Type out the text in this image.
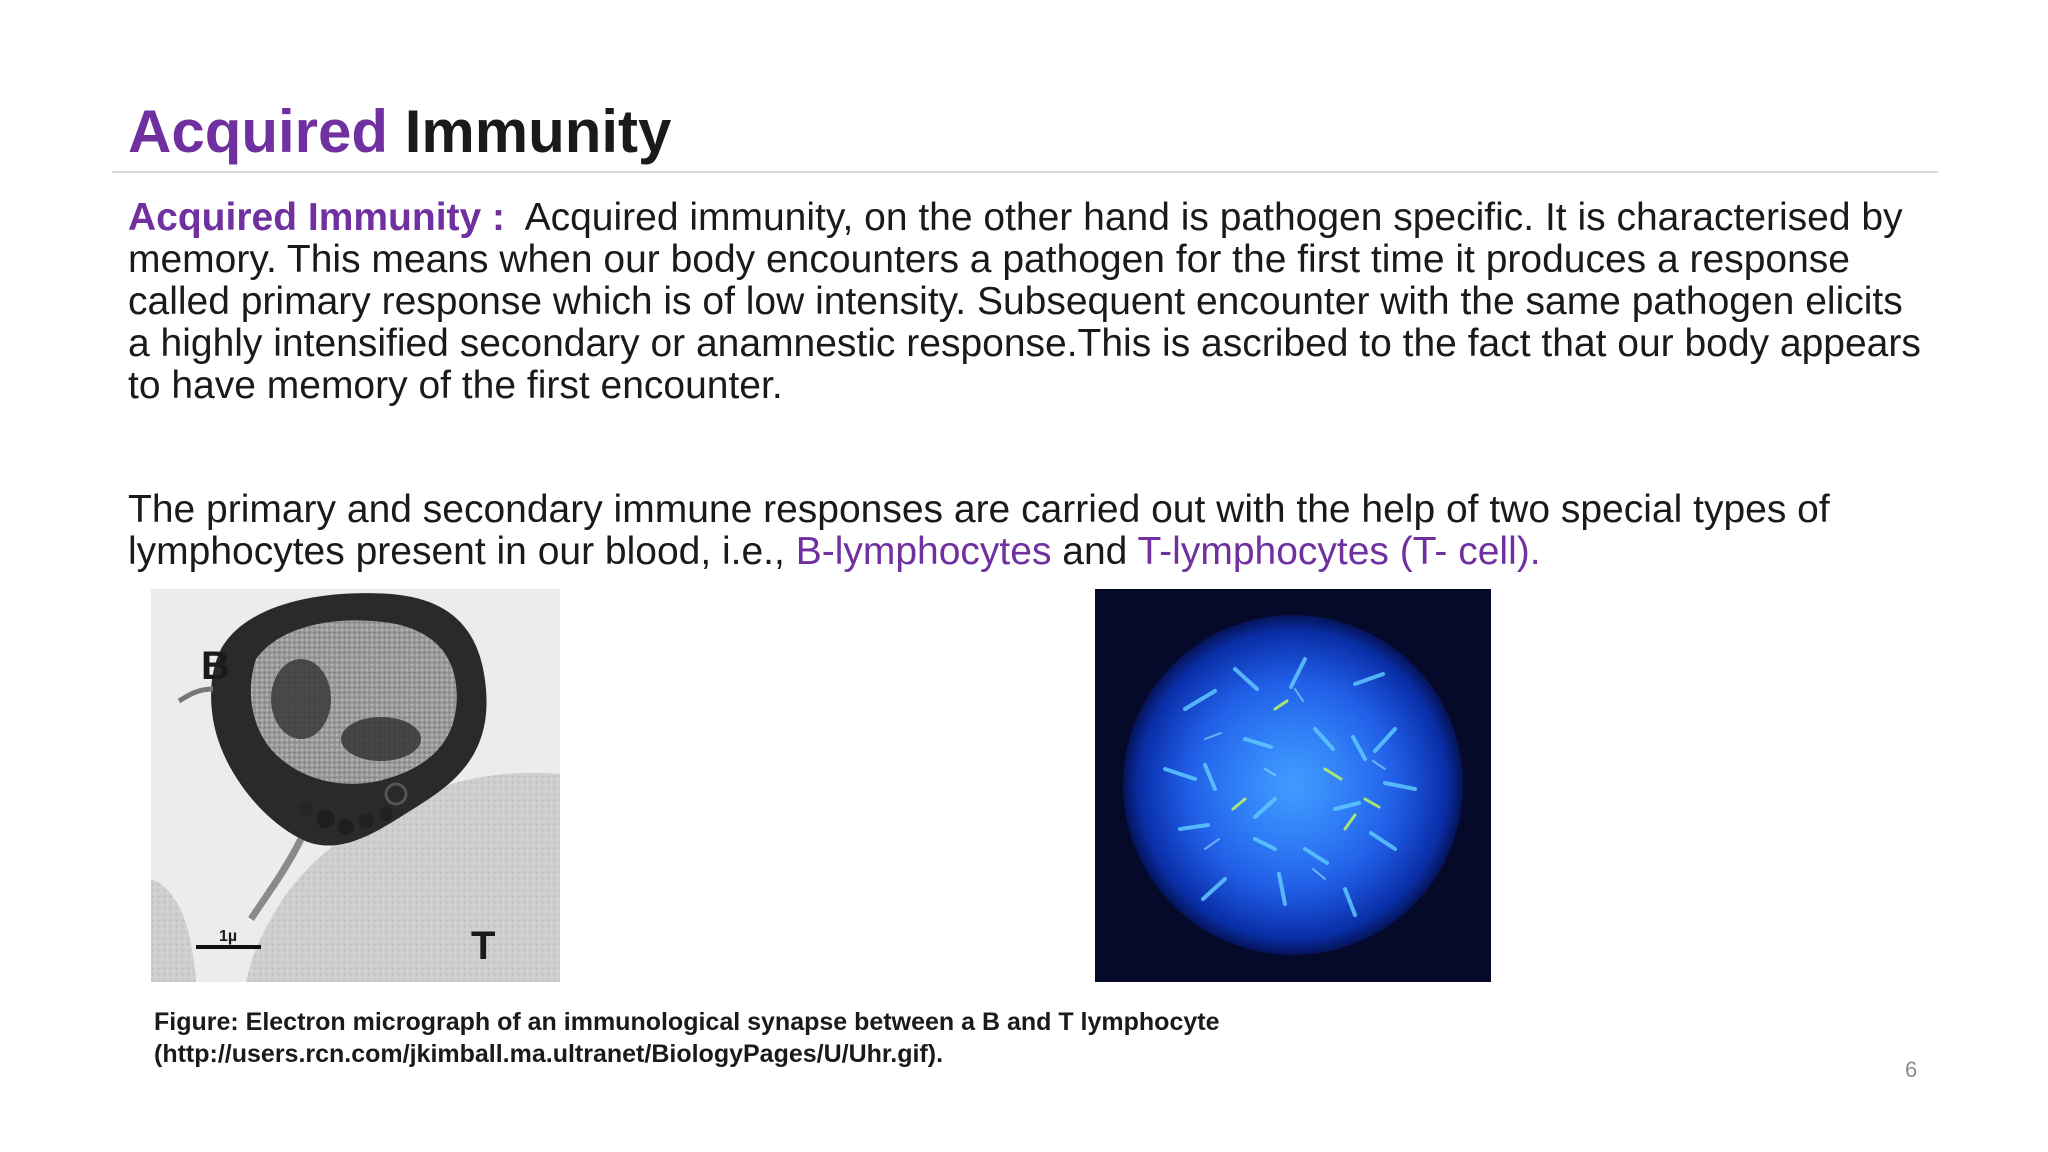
Acquired Immunity

Acquired Immunity : Acquired immunity, on the other hand is pathogen specific. It is characterised by memory. This means when our body encounters a pathogen for the first time it produces a response called primary response which is of low intensity. Subsequent encounter with the same pathogen elicits a highly intensified secondary or anamnestic response.This is ascribed to the fact that our body appears to have memory of the first encounter.

The primary and secondary immune responses are carried out with the help of two special types of lymphocytes present in our blood, i.e., B-lymphocytes and T-lymphocytes (T- cell).

B
T
1µ

Figure: Electron micrograph of an immunological synapse between a B and T lymphocyte
(http://users.rcn.com/jkimball.ma.ultranet/BiologyPages/U/Uhr.gif).

6
